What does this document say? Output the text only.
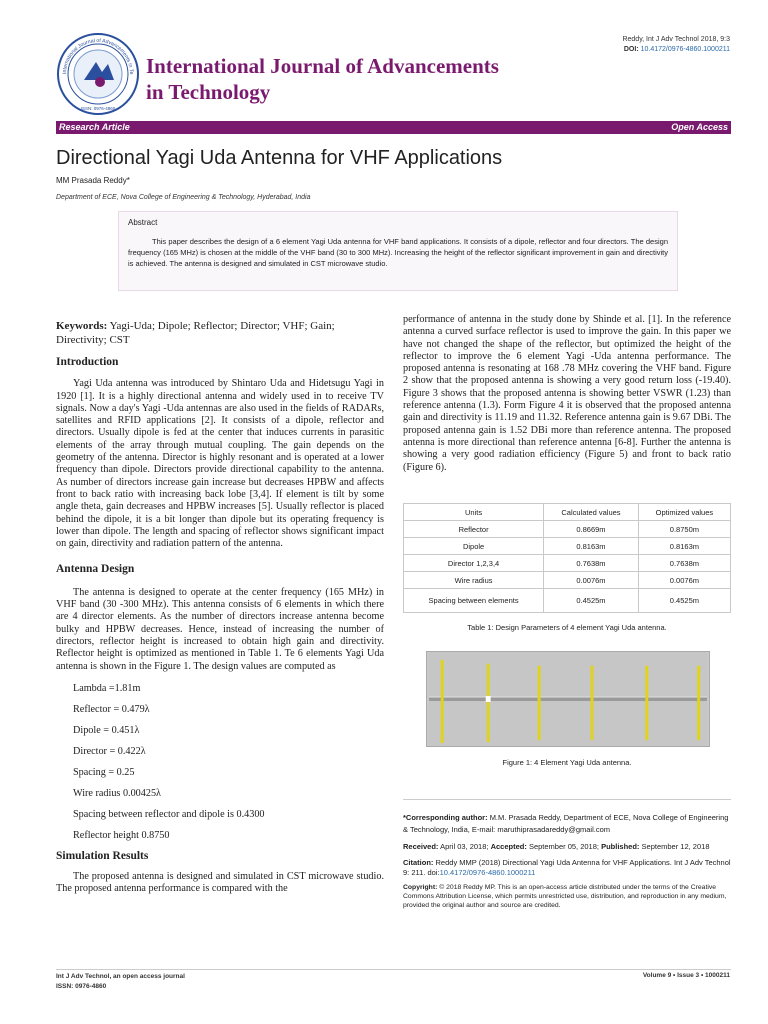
International Journal of Advancements in Te
ISSN: 0976-4860
International Journal of Advancements
in Technology
Reddy, Int J Adv Technol 2018, 9:3
DOI: 10.4172/0976-4860.1000211
Research Article	Open Access
Directional Yagi Uda Antenna for VHF Applications
MM Prasada Reddy*
Department of ECE, Nova College of Engineering & Technology, Hyderabad, India
Abstract

This paper describes the design of a 6 element Yagi Uda antenna for VHF band applications. It consists of a dipole, reflector and four directors. The design frequency (165 MHz) is chosen at the middle of the VHF band (30 to 300 MHz). Increasing the height of the reflector significant improvement in gain and directivity is achieved. The antenna is designed and simulated in CST microwave studio.

Keywords: Yagi-Uda; Dipole; Reflector; Director; VHF; Gain; Directivity; CST
Introduction

Yagi Uda antenna was introduced by Shintaro Uda and Hidetsugu Yagi in 1920 [1]. It is a highly directional antenna and widely used in to receive TV signals. Now a day's Yagi -Uda antennas are also used in the fields of RADARs, satellites and RFID applications [2]. It consists of a dipole, reflector and directors. Usually dipole is fed at the center that induces currents in parasitic elements of the array through mutual coupling. The gain depends on the geometry of the antenna. Director is highly resonant and is operated at a lower frequency than dipole. Directors provide directional capability to the antenna. As number of directors increase gain increase but decreases HPBW and affects front to back ratio with increasing back lobe [3,4]. If element is tilt by some angle theta, gain decreases and HPBW increases [5]. Usually reflector is placed behind the dipole, it is a bit longer than dipole but its operating frequency is lower than dipole. The length and spacing of reflector shows significant impact on gain, directivity and radiation pattern of the antenna.

Antenna Design

The antenna is designed to operate at the center frequency (165 MHz) in VHF band (30 -300 MHz). This antenna consists of 6 elements in which there are 4 director elements. As the number of directors increase antenna become bulky and HPBW decreases. Hence, instead of increasing the number of directors, reflector height is increased to obtain high gain and directivity. Reflector height is optimized as mentioned in Table 1. Te 6 elements Yagi Uda antenna is shown in the Figure 1. The design values are computed as

Lambda =1.81m
Reflector = 0.479λ
Dipole = 0.451λ
Director = 0.422λ
Spacing = 0.25
Wire radius 0.00425λ
Spacing between reflector and dipole is 0.4300
Reflector height 0.8750
Simulation Results

The proposed antenna is designed and simulated in CST microwave studio. The proposed antenna performance is compared with the

performance of antenna in the study done by Shinde et al. [1]. In the reference antenna a curved surface reflector is used to improve the gain. In this paper we have not changed the shape of the reflector, but optimized the height of the reflector to improve the 6 element Yagi -Uda antenna performance. The proposed antenna is resonating at 168 .78 MHz covering the VHF band. Figure 2 show that the proposed antenna is showing a very good return loss (-19.40). Figure 3 shows that the proposed antenna is showing better VSWR (1.23) than reference antenna (1.3). Form Figure 4 it is observed that the proposed antenna gain and directivity is 11.19 and 11.32. Reference antenna gain is 9.67 DBi. The proposed antenna gain is 1.52 DBi more than reference antenna. The proposed antenna is more directional than reference antenna [6-8]. Further the antenna is showing a very good radiation efficiency (Figure 5) and front to back ratio (Figure 6).

Units	Calculated values	Optimized values
Reflector	0.8669m	0.8750m
Dipole	0.8163m	0.8163m
Director 1,2,3,4	0.7638m	0.7638m
Wire radius	0.0076m	0.0076m
Spacing between elements	0.4525m	0.4525m
Table 1: Design Parameters of 4 element Yagi Uda antenna.
Figure 1: 4 Element Yagi Uda antenna.
*Corresponding author: M.M. Prasada Reddy, Department of ECE, Nova College of Engineering & Technology, India, E-mail: maruthiprasadareddy@gmail.com
Received: April 03, 2018; Accepted: September 05, 2018; Published: September 12, 2018
Citation: Reddy MMP (2018) Directional Yagi Uda Antenna for VHF Applications. Int J Adv Technol 9: 211. doi:10.4172/0976-4860.1000211
Copyright: © 2018 Reddy MP. This is an open-access article distributed under the terms of the Creative Commons Attribution License, which permits unrestricted use, distribution, and reproduction in any medium, provided the original author and source are credited.
Int J Adv Technol, an open access journal
ISSN: 0976-4860
Volume 9 • Issue 3 • 1000211
